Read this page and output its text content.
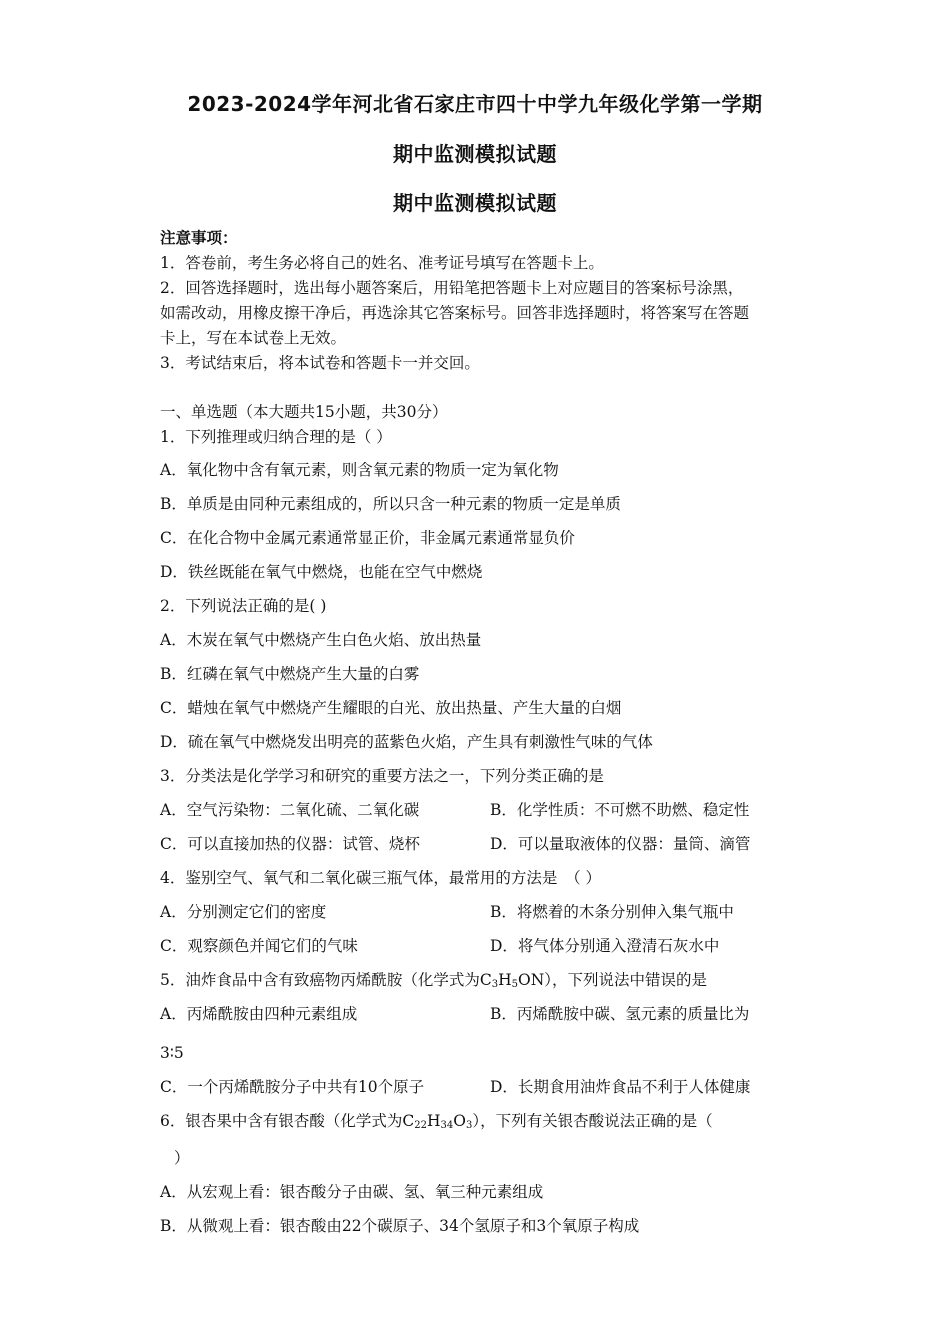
2023-2024学年河北省石家庄市四十中学九年级化学第一学期
期中监测模拟试题
期中监测模拟试题
注意事项：
1．答卷前，考生务必将自己的姓名、准考证号填写在答题卡上。
2．回答选择题时，选出每小题答案后，用铅笔把答题卡上对应题目的答案标号涂黑，
如需改动，用橡皮擦干净后，再选涂其它答案标号。回答非选择题时，将答案写在答题
卡上，写在本试卷上无效。
3．考试结束后，将本试卷和答题卡一并交回。
一、单选题（本大题共15小题，共30分）
1．下列推理或归纳合理的是（ ）
A．氧化物中含有氧元素，则含氧元素的物质一定为氧化物
B．单质是由同种元素组成的，所以只含一种元素的物质一定是单质
C．在化合物中金属元素通常显正价，非金属元素通常显负价
D．铁丝既能在氧气中燃烧，也能在空气中燃烧
2．下列说法正确的是( )
A．木炭在氧气中燃烧产生白色火焰、放出热量
B．红磷在氧气中燃烧产生大量的白雾
C．蜡烛在氧气中燃烧产生耀眼的白光、放出热量、产生大量的白烟
D．硫在氧气中燃烧发出明亮的蓝紫色火焰，产生具有刺激性气味的气体
3．分类法是化学学习和研究的重要方法之一，下列分类正确的是
A．空气污染物：二氧化硫、二氧化碳	B．化学性质：不可燃不助燃、稳定性
C．可以直接加热的仪器：试管、烧杯	D．可以量取液体的仪器：量筒、滴管
4．鉴别空气、氧气和二氧化碳三瓶气体，最常用的方法是　（ ）
A．分别测定它们的密度	B．将燃着的木条分别伸入集气瓶中
C．观察颜色并闻它们的气味	D．将气体分别通入澄清石灰水中
5．油炸食品中含有致癌物丙烯酰胺（化学式为$C_3H_5ON$），下列说法中错误的是
A．丙烯酰胺由四种元素组成	B．丙烯酰胺中碳、氢元素的质量比为
3∶5
C．一个丙烯酰胺分子中共有10个原子	D．长期食用油炸食品不利于人体健康
6．银杏果中含有银杏酸（化学式为$C_{22}H_{34}O_3$），下列有关银杏酸说法正确的是（
）
A．从宏观上看：银杏酸分子由碳、氢、氧三种元素组成
B．从微观上看：银杏酸由22个碳原子、34个氢原子和3个氧原子构成
